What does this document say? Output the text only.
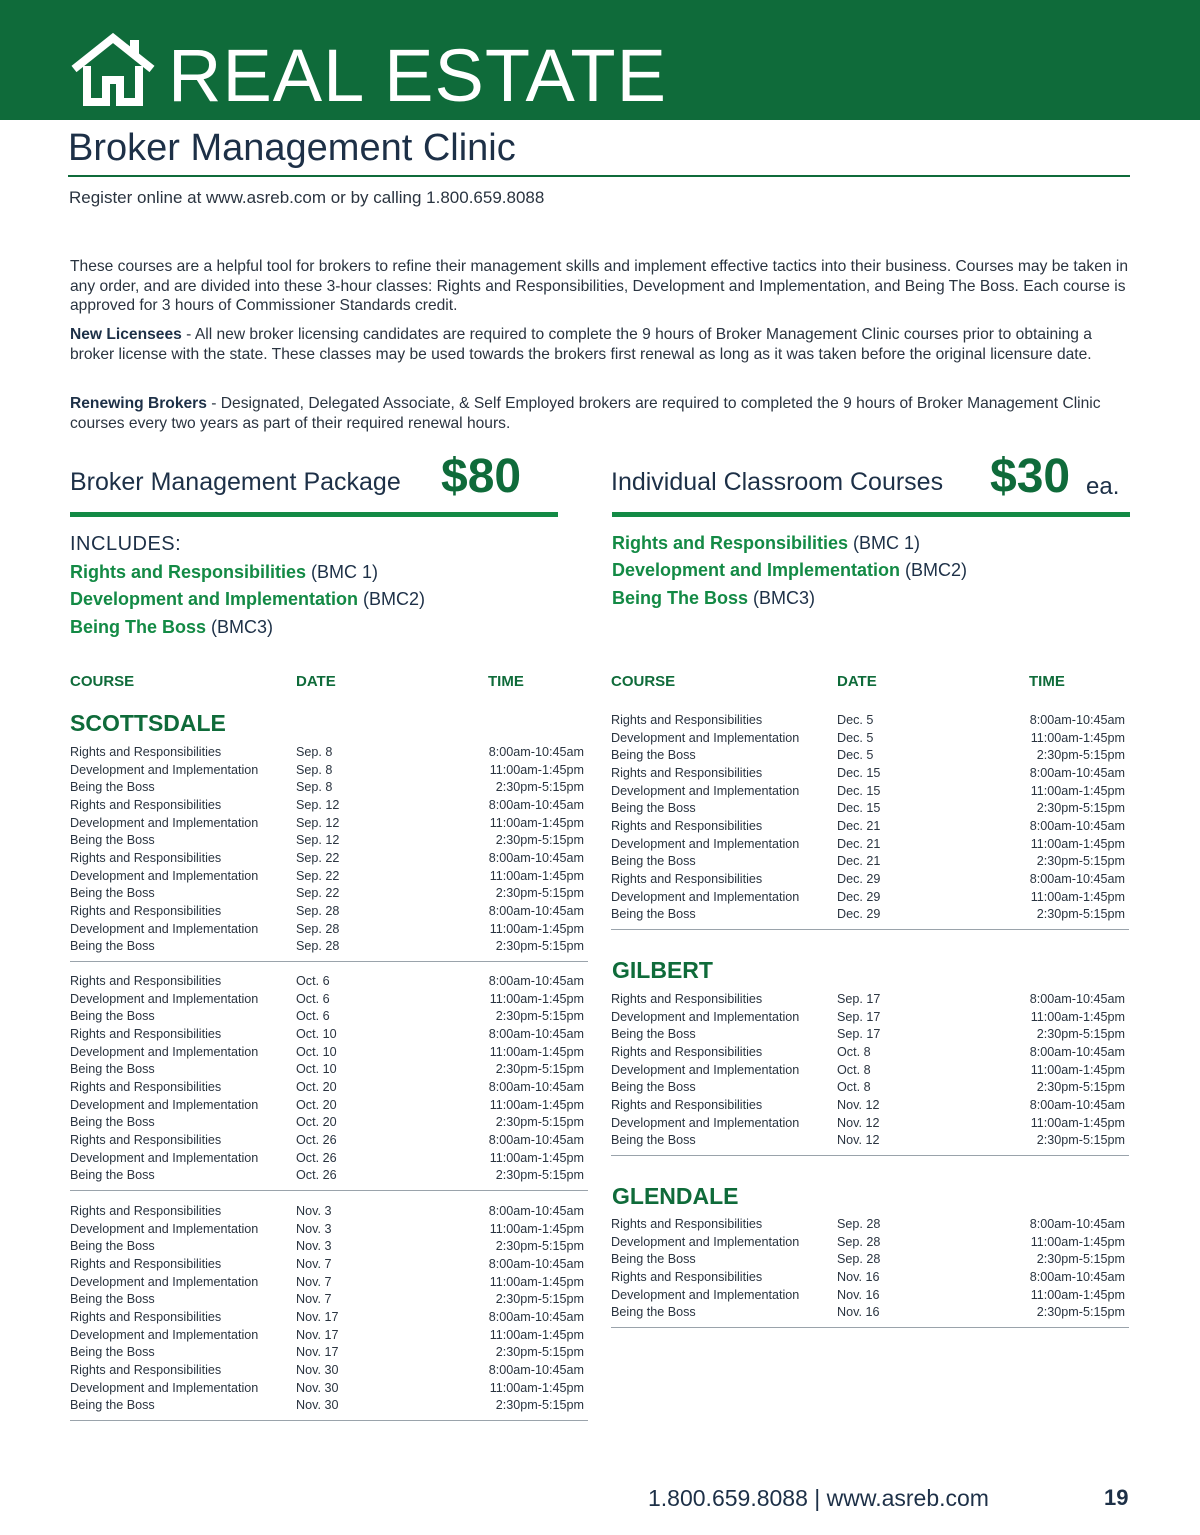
REAL ESTATE
Broker Management Clinic
Register online at www.asreb.com or by calling 1.800.659.8088
These courses are a helpful tool for brokers to refine their management skills and implement effective tactics into their business. Courses may be taken in any order, and are divided into these 3-hour classes: Rights and Responsibilities, Development and Implementation, and Being The Boss. Each course is approved for 3 hours of Commissioner Standards credit.
New Licensees - All new broker licensing candidates are required to complete the 9 hours of Broker Management Clinic courses prior to obtaining a broker license with the state. These classes may be used towards the brokers first renewal as long as it was taken before the original licensure date.
Renewing Brokers - Designated, Delegated Associate, & Self Employed brokers are required to completed the 9 hours of Broker Management Clinic courses every two years as part of their required renewal hours.
Broker Management Package $80	Individual Classroom Courses $30 ea.
INCLUDES:
Rights and Responsibilities (BMC 1)
Development and Implementation (BMC2)
Being The Boss (BMC3)
Rights and Responsibilities (BMC 1)
Development and Implementation (BMC2)
Being The Boss (BMC3)
COURSE	DATE	TIME	COURSE	DATE	TIME
SCOTTSDALE
GILBERT
GLENDALE
Rights and Responsibilities	Sep. 8	8:00am-10:45am
Development and Implementation	Sep. 8	11:00am-1:45pm
Being the Boss	Sep. 8	2:30pm-5:15pm
Rights and Responsibilities	Sep. 12	8:00am-10:45am
Development and Implementation	Sep. 12	11:00am-1:45pm
Being the Boss	Sep. 12	2:30pm-5:15pm
Rights and Responsibilities	Sep. 22	8:00am-10:45am
Development and Implementation	Sep. 22	11:00am-1:45pm
Being the Boss	Sep. 22	2:30pm-5:15pm
Rights and Responsibilities	Sep. 28	8:00am-10:45am
Development and Implementation	Sep. 28	11:00am-1:45pm
Being the Boss	Sep. 28	2:30pm-5:15pm
Rights and Responsibilities	Oct. 6	8:00am-10:45am
Development and Implementation	Oct. 6	11:00am-1:45pm
Being the Boss	Oct. 6	2:30pm-5:15pm
Rights and Responsibilities	Oct. 10	8:00am-10:45am
Development and Implementation	Oct. 10	11:00am-1:45pm
Being the Boss	Oct. 10	2:30pm-5:15pm
Rights and Responsibilities	Oct. 20	8:00am-10:45am
Development and Implementation	Oct. 20	11:00am-1:45pm
Being the Boss	Oct. 20	2:30pm-5:15pm
Rights and Responsibilities	Oct. 26	8:00am-10:45am
Development and Implementation	Oct. 26	11:00am-1:45pm
Being the Boss	Oct. 26	2:30pm-5:15pm
Rights and Responsibilities	Nov. 3	8:00am-10:45am
Development and Implementation	Nov. 3	11:00am-1:45pm
Being the Boss	Nov. 3	2:30pm-5:15pm
Rights and Responsibilities	Nov. 7	8:00am-10:45am
Development and Implementation	Nov. 7	11:00am-1:45pm
Being the Boss	Nov. 7	2:30pm-5:15pm
Rights and Responsibilities	Nov. 17	8:00am-10:45am
Development and Implementation	Nov. 17	11:00am-1:45pm
Being the Boss	Nov. 17	2:30pm-5:15pm
Rights and Responsibilities	Nov. 30	8:00am-10:45am
Development and Implementation	Nov. 30	11:00am-1:45pm
Being the Boss	Nov. 30	2:30pm-5:15pm
Rights and Responsibilities	Dec. 5	8:00am-10:45am
Development and Implementation	Dec. 5	11:00am-1:45pm
Being the Boss	Dec. 5	2:30pm-5:15pm
Rights and Responsibilities	Dec. 15	8:00am-10:45am
Development and Implementation	Dec. 15	11:00am-1:45pm
Being the Boss	Dec. 15	2:30pm-5:15pm
Rights and Responsibilities	Dec. 21	8:00am-10:45am
Development and Implementation	Dec. 21	11:00am-1:45pm
Being the Boss	Dec. 21	2:30pm-5:15pm
Rights and Responsibilities	Dec. 29	8:00am-10:45am
Development and Implementation	Dec. 29	11:00am-1:45pm
Being the Boss	Dec. 29	2:30pm-5:15pm
Rights and Responsibilities	Sep. 17	8:00am-10:45am
Development and Implementation	Sep. 17	11:00am-1:45pm
Being the Boss	Sep. 17	2:30pm-5:15pm
Rights and Responsibilities	Oct. 8	8:00am-10:45am
Development and Implementation	Oct. 8	11:00am-1:45pm
Being the Boss	Oct. 8	2:30pm-5:15pm
Rights and Responsibilities	Nov. 12	8:00am-10:45am
Development and Implementation	Nov. 12	11:00am-1:45pm
Being the Boss	Nov. 12	2:30pm-5:15pm
Rights and Responsibilities	Sep. 28	8:00am-10:45am
Development and Implementation	Sep. 28	11:00am-1:45pm
Being the Boss	Sep. 28	2:30pm-5:15pm
Rights and Responsibilities	Nov. 16	8:00am-10:45am
Development and Implementation	Nov. 16	11:00am-1:45pm
Being the Boss	Nov. 16	2:30pm-5:15pm
1.800.659.8088 | www.asreb.com	19
